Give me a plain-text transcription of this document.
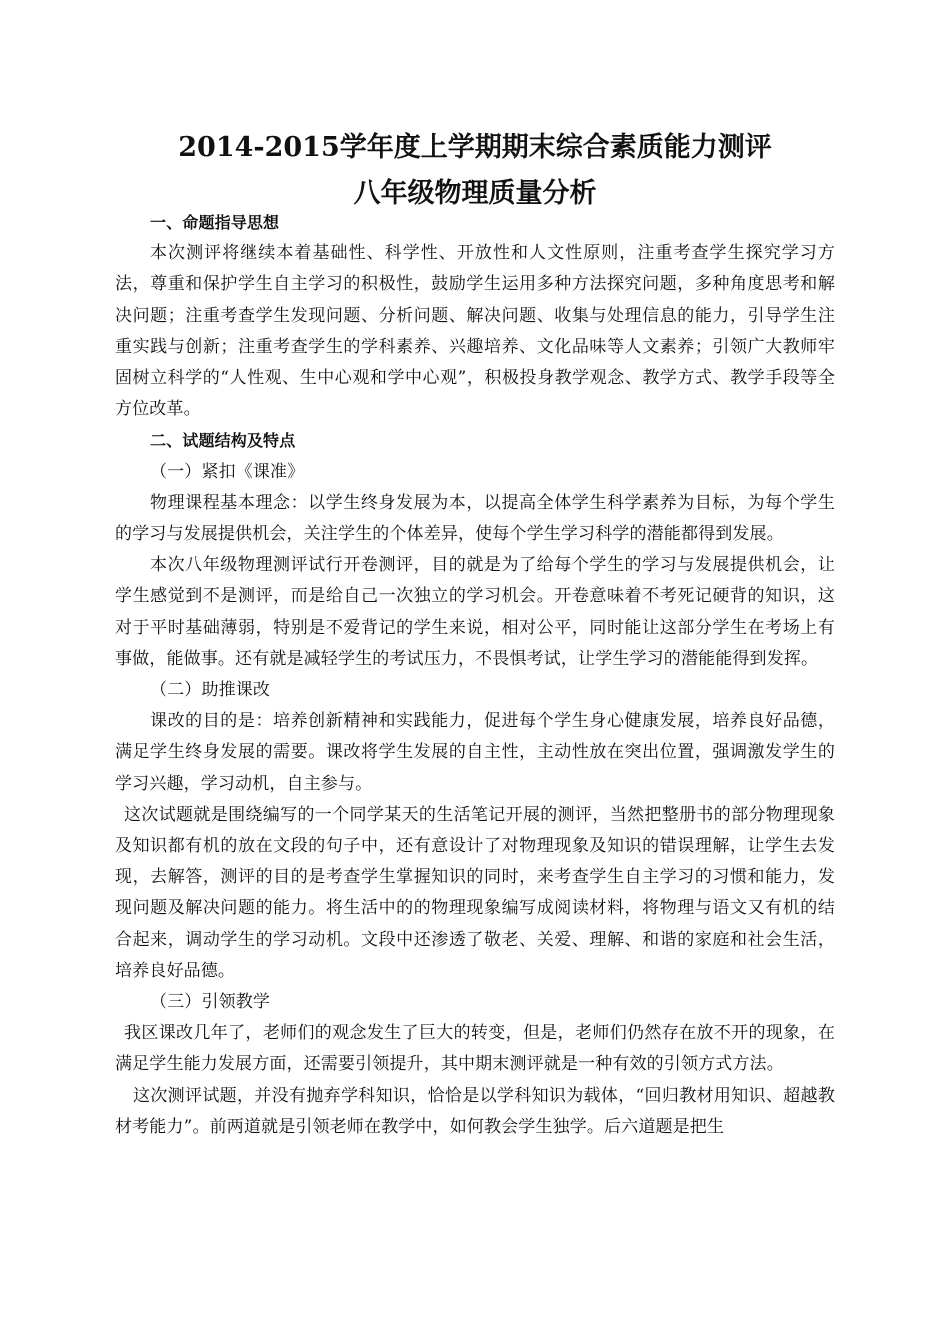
2014-2015学年度上学期期末综合素质能力测评
八年级物理质量分析

一、命题指导思想

本次测评将继续本着基础性、科学性、开放性和人文性原则，注重考查学生探究学习方法，尊重和保护学生自主学习的积极性，鼓励学生运用多种方法探究问题，多种角度思考和解决问题；注重考查学生发现问题、分析问题、解决问题、收集与处理信息的能力，引导学生注重实践与创新；注重考查学生的学科素养、兴趣培养、文化品味等人文素养；引领广大教师牢固树立科学的“人性观、生中心观和学中心观”，积极投身教学观念、教学方式、教学手段等全方位改革。

二、试题结构及特点

（一）紧扣《课准》

物理课程基本理念：以学生终身发展为本，以提高全体学生科学素养为目标，为每个学生的学习与发展提供机会，关注学生的个体差异，使每个学生学习科学的潜能都得到发展。

本次八年级物理测评试行开卷测评，目的就是为了给每个学生的学习与发展提供机会，让学生感觉到不是测评，而是给自己一次独立的学习机会。开卷意味着不考死记硬背的知识，这对于平时基础薄弱，特别是不爱背记的学生来说，相对公平，同时能让这部分学生在考场上有事做，能做事。还有就是减轻学生的考试压力，不畏惧考试，让学生学习的潜能能得到发挥。

（二）助推课改

课改的目的是：培养创新精神和实践能力，促进每个学生身心健康发展，培养良好品德，满足学生终身发展的需要。课改将学生发展的自主性，主动性放在突出位置，强调激发学生的学习兴趣，学习动机，自主参与。

这次试题就是围绕编写的一个同学某天的生活笔记开展的测评，当然把整册书的部分物理现象及知识都有机的放在文段的句子中，还有意设计了对物理现象及知识的错误理解，让学生去发现，去解答，测评的目的是考查学生掌握知识的同时，来考查学生自主学习的习惯和能力，发现问题及解决问题的能力。将生活中的的物理现象编写成阅读材料，将物理与语文又有机的结合起来，调动学生的学习动机。文段中还渗透了敬老、关爱、理解、和谐的家庭和社会生活，培养良好品德。

（三）引领教学

我区课改几年了，老师们的观念发生了巨大的转变，但是，老师们仍然存在放不开的现象，在满足学生能力发展方面，还需要引领提升，其中期末测评就是一种有效的引领方式方法。

这次测评试题，并没有抛弃学科知识，恰恰是以学科知识为载体，“回归教材用知识、超越教材考能力”。前两道就是引领老师在教学中，如何教会学生独学。后六道题是把生
